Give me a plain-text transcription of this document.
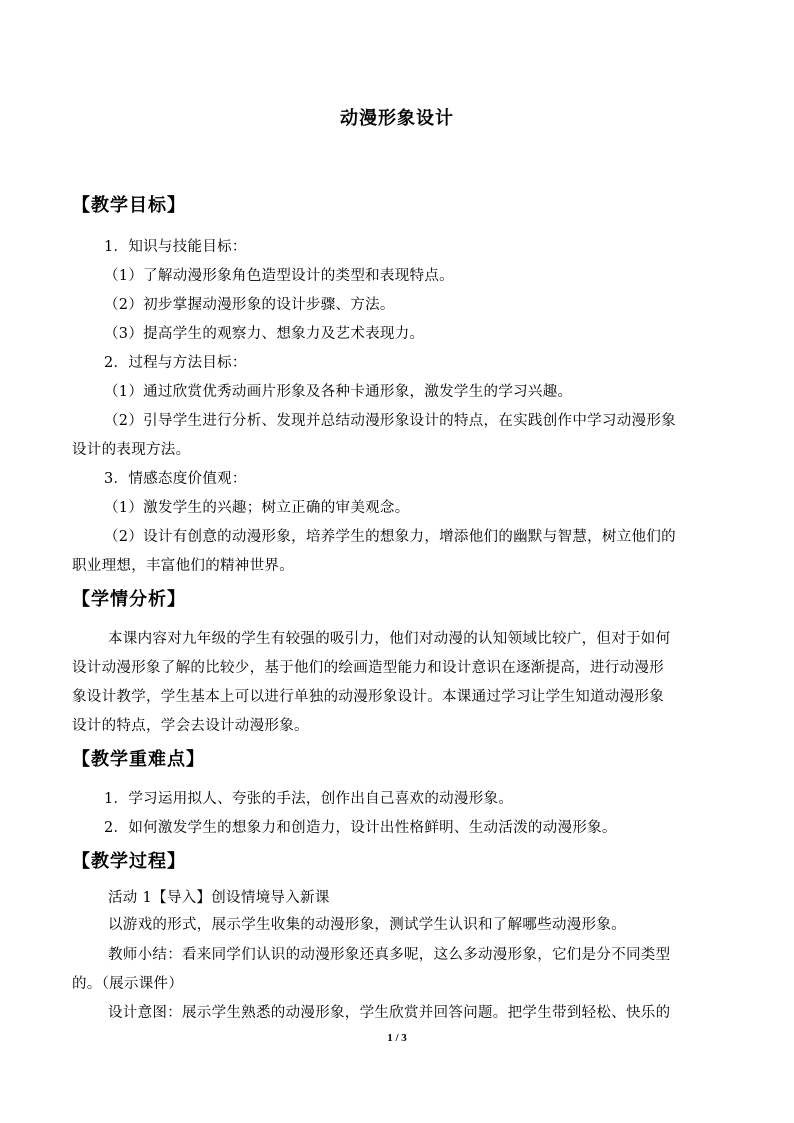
动漫形象设计
【教学目标】
1．知识与技能目标：
（1）了解动漫形象角色造型设计的类型和表现特点。
（2）初步掌握动漫形象的设计步骤、方法。
（3）提高学生的观察力、想象力及艺术表现力。
2．过程与方法目标：
（1）通过欣赏优秀动画片形象及各种卡通形象，激发学生的学习兴趣。
（2）引导学生进行分析、发现并总结动漫形象设计的特点，在实践创作中学习动漫形象
设计的表现方法。
3．情感态度价值观：
（1）激发学生的兴趣；树立正确的审美观念。
（2）设计有创意的动漫形象，培养学生的想象力，增添他们的幽默与智慧，树立他们的
职业理想，丰富他们的精神世界。
【学情分析】
本课内容对九年级的学生有较强的吸引力，他们对动漫的认知领域比较广，但对于如何
设计动漫形象了解的比较少，基于他们的绘画造型能力和设计意识在逐渐提高，进行动漫形
象设计教学，学生基本上可以进行单独的动漫形象设计。本课通过学习让学生知道动漫形象
设计的特点，学会去设计动漫形象。
【教学重难点】
1．学习运用拟人、夸张的手法，创作出自己喜欢的动漫形象。
2．如何激发学生的想象力和创造力，设计出性格鲜明、生动活泼的动漫形象。
【教学过程】
活动 1【导入】创设情境导入新课
以游戏的形式，展示学生收集的动漫形象，测试学生认识和了解哪些动漫形象。
教师小结：看来同学们认识的动漫形象还真多呢，这么多动漫形象，它们是分不同类型
的。（展示课件）
设计意图：展示学生熟悉的动漫形象，学生欣赏并回答问题。把学生带到轻松、快乐的
1 / 3
